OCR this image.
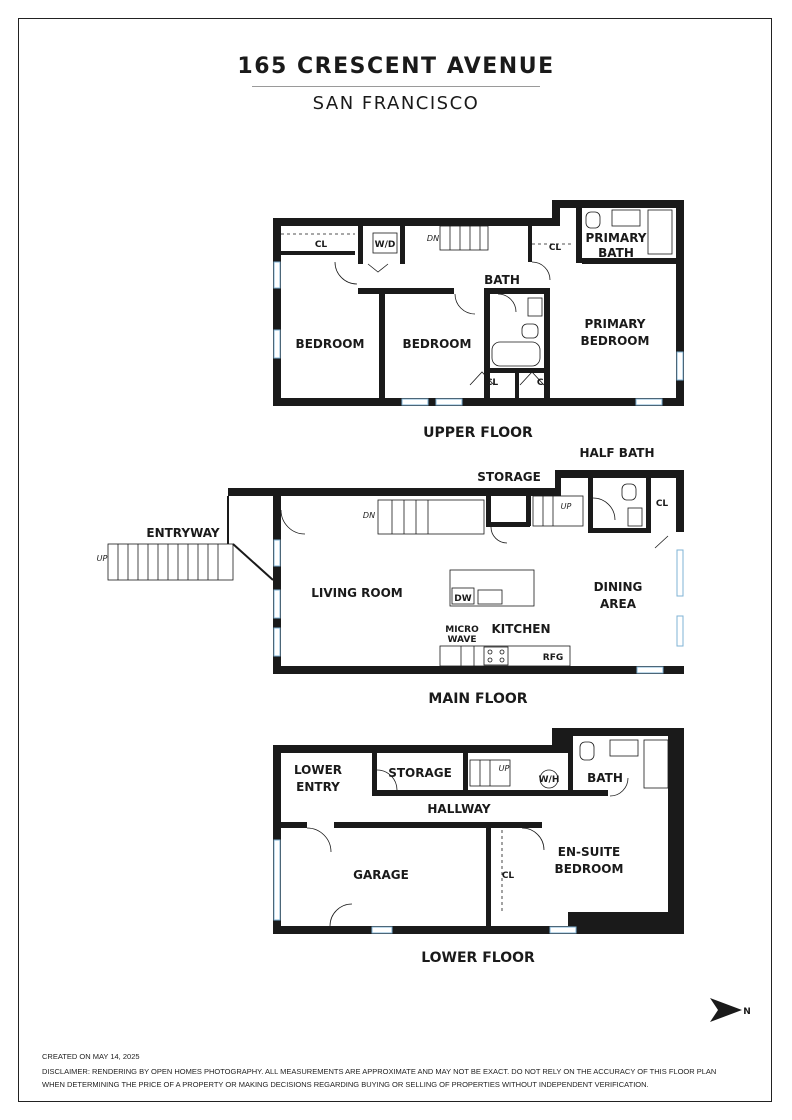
165 CRESCENT AVENUE
SAN FRANCISCO
CL	W/D
DN
CL
PRIMARY
BATH
BATH
PRIMARY
BEDROOM
BEDROOM	BEDROOM
CL	CL
UPPER FLOOR
HALF BATH
STORAGE
ENTRYWAY
UP
DN
UP	CL
DINING
AREA
LIVING ROOM	DW
MICRO
WAVE
KITCHEN
RFG
MAIN FLOOR
LOWER
ENTRY
STORAGE	UP
W/H BATH
HALLWAY
EN-SUITE
BEDROOM
CL
GARAGE
LOWER FLOOR
N
CREATED ON MAY 14, 2025
DISCLAIMER: RENDERING BY OPEN HOMES PHOTOGRAPHY. ALL MEASUREMENTS ARE APPROXIMATE AND MAY NOT BE EXACT. DO NOT RELY ON THE ACCURACY OF THIS FLOOR PLAN
WHEN DETERMINING THE PRICE OF A PROPERTY OR MAKING DECISIONS REGARDING BUYING OR SELLING OF PROPERTIES WITHOUT INDEPENDENT VERIFICATION.
